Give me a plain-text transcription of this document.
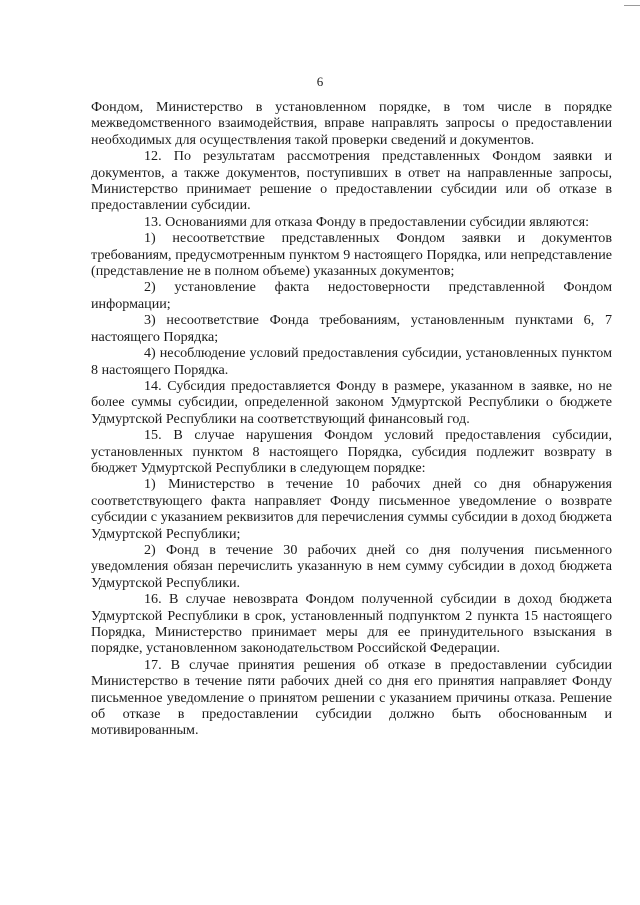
6

Фондом, Министерство в установленном порядке, в том числе в порядке межведомственного взаимодействия, вправе направлять запросы о предоставлении необходимых для осуществления такой проверки сведений и документов.

12. По результатам рассмотрения представленных Фондом заявки и документов, а также документов, поступивших в ответ на направленные запросы, Министерство принимает решение о предоставлении субсидии или об отказе в предоставлении субсидии.

13. Основаниями для отказа Фонду в предоставлении субсидии являются:

1) несоответствие представленных Фондом заявки и документов требованиям, предусмотренным пунктом 9 настоящего Порядка, или непредставление (представление не в полном объеме) указанных документов;

2) установление факта недостоверности представленной Фондом информации;

3) несоответствие Фонда требованиям, установленным пунктами 6, 7 настоящего Порядка;

4) несоблюдение условий предоставления субсидии, установленных пунктом 8 настоящего Порядка.

14. Субсидия предоставляется Фонду в размере, указанном в заявке, но не более суммы субсидии, определенной законом Удмуртской Республики о бюджете Удмуртской Республики на соответствующий финансовый год.

15. В случае нарушения Фондом условий предоставления субсидии, установленных пунктом 8 настоящего Порядка, субсидия подлежит возврату в бюджет Удмуртской Республики в следующем порядке:

1) Министерство в течение 10 рабочих дней со дня обнаружения соответствующего факта направляет Фонду письменное уведомление о возврате субсидии с указанием реквизитов для перечисления суммы субсидии в доход бюджета Удмуртской Республики;

2) Фонд в течение 30 рабочих дней со дня получения письменного уведомления обязан перечислить указанную в нем сумму субсидии в доход бюджета Удмуртской Республики.

16. В случае невозврата Фондом полученной субсидии в доход бюджета Удмуртской Республики в срок, установленный подпунктом 2 пункта 15 настоящего Порядка, Министерство принимает меры для ее принудительного взыскания в порядке, установленном законодательством Российской Федерации.

17. В случае принятия решения об отказе в предоставлении субсидии Министерство в течение пяти рабочих дней со дня его принятия направляет Фонду письменное уведомление о принятом решении с указанием причины отказа. Решение об отказе в предоставлении субсидии должно быть обоснованным и мотивированным.
